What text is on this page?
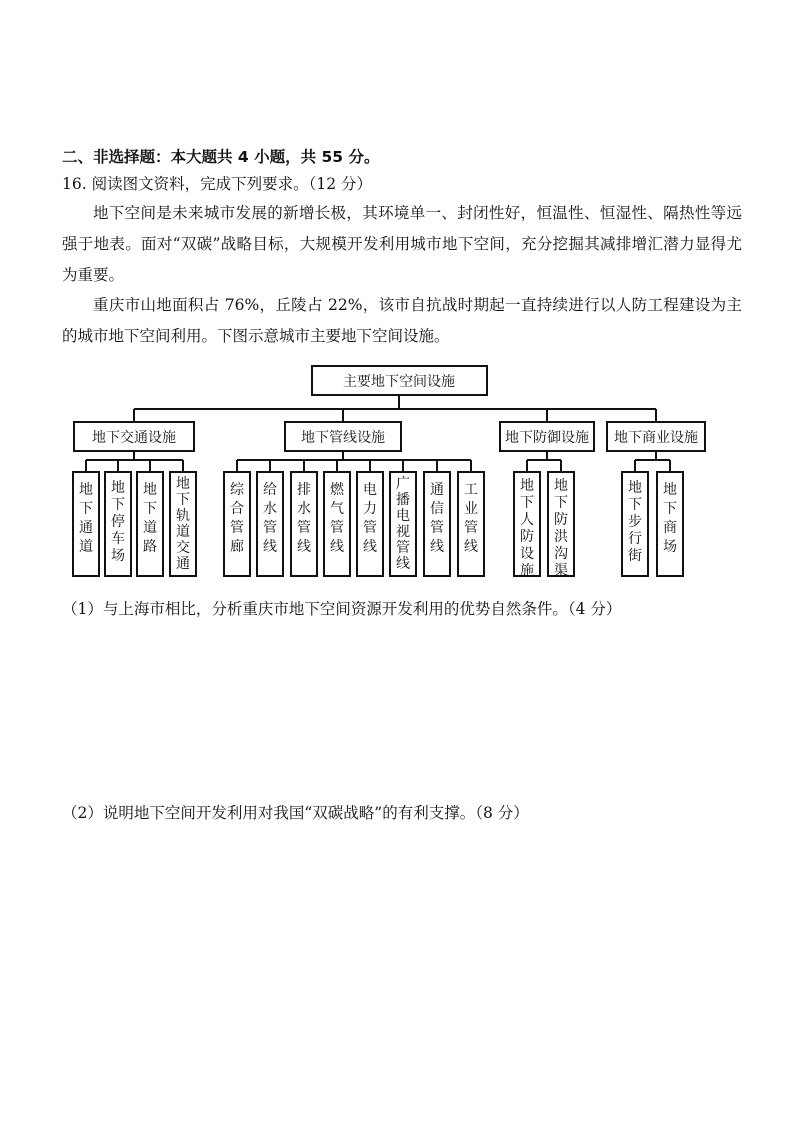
二、非选择题：本大题共 4 小题，共 55 分。
16. 阅读图文资料，完成下列要求。（12 分）
地下空间是未来城市发展的新增长极，其环境单一、封闭性好，恒温性、恒湿性、隔热性等远强于地表。面对“双碳”战略目标，大规模开发利用城市地下空间，充分挖掘其减排增汇潜力显得尤为重要。
重庆市山地面积占 76%，丘陵占 22%，该市自抗战时期起一直持续进行以人防工程建设为主的城市地下空间利用。下图示意城市主要地下空间设施。
主要地下空间设施
地下交通设施	地下管线设施	地下防御设施 地下商业设施
地下通道
地下停车场
地下道路
地下轨道交通
综合管廊
给水管线
排水管线
燃气管线
电力管线
广播电视管线
通信管线
工业管线
地下人防设施
地下防洪沟渠
地下步行街
地下商场
（1）与上海市相比，分析重庆市地下空间资源开发利用的优势自然条件。（4 分）
（2）说明地下空间开发利用对我国“双碳战略”的有利支撑。（8 分）
